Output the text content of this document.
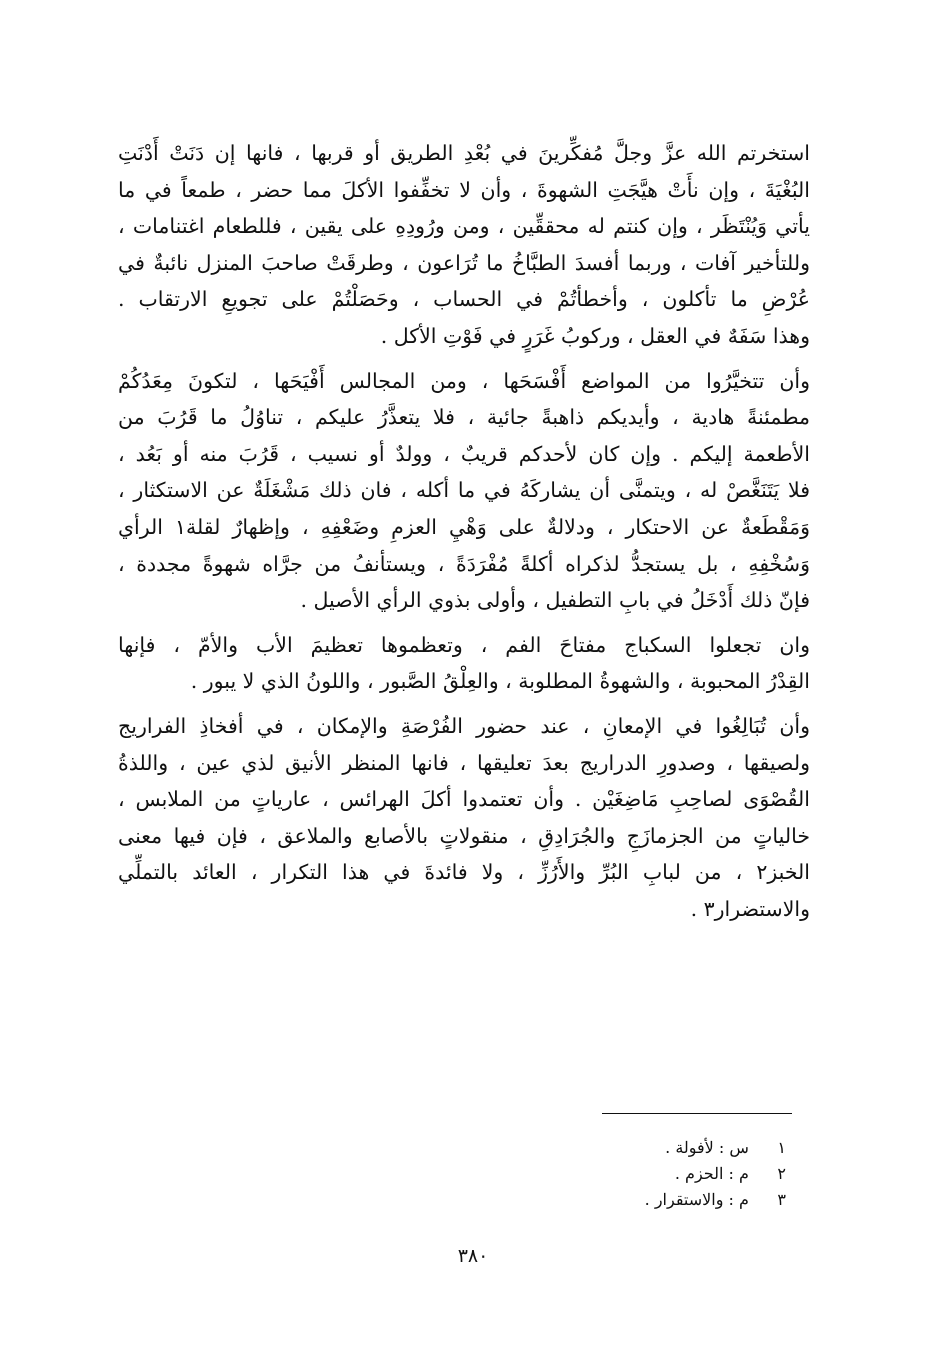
استخرتم الله عزَّ وجلَّ مُفكِّرينَ في بُعْدِ الطريق أو قربها ، فانها إن دَنَتْ أَدْنَتِ
البُغْيَةَ ، وإن نأَتْ هيَّجَتِ الشهوةَ ، وأن لا تخفِّفوا الأكلَ مما حضر ، طمعاً في ما
يأتي وَيُنْتَظَر ، وإن كنتم له محققِّين ، ومن ورُودِهِ على يقين ، فللطعام اغتنامات ،
وللتأخير آفات ، وربما أفسدَ الطبَّاخُ ما تُرَاعون ، وطرقَتْ صاحبَ المنزل نائبةٌ في
عُرْضِ ما تأكلون ، وأخطأتُمْ في الحساب ، وحَصَلْتُمْ على تجويعِ الارتقاب .
وهذا سَفَهٌ في العقل ، وركوبُ غَرَرٍ في فَوْتِ الأكل .
وأن تتخيَّرُوا من المواضع أَفْسَحَها ، ومن المجالس أَفْيَحَها ، لتكونَ مِعَدُكُمْ
مطمئنةً هادية ، وأيديكم ذاهبةً جائية ، فلا يتعذَّرُ عليكم ، تناوُلُ ما قَرُبَ من
الأطعمة إليكم . وإن كان لأحدكم قريبٌ ، وولدٌ أو نسيب ، قَرُبَ منه أو بَعُد ،
فلا يَتَنَغَّصْ له ، ويتمنَّى أن يشاركَهُ في ما أكله ، فان ذلك مَشْغَلَةٌ عن الاستكثار ،
وَمَقْطَعةٌ عن الاحتكار ، ودلالةٌ على وَهْيِ العزمِ وضَعْفِهِ ، وإظهارٌ لقلة١ الرأي
وَسُخْفِهِ ، بل يستجدُّ لذكراه أكلةً مُفْرَدَةً ، ويستأنفُ من جرَّاه شهوةً مجددة ،
فإنّ ذلك أَدْخَلُ في بابِ التطفيل ، وأولى بذوي الرأي الأصيل .
وان تجعلوا السكباج مفتاحَ الفم ، وتعظموها تعظيمَ الأب والأمّ ، فإنها
القِدْرُ المحبوبة ، والشهوةُ المطلوبة ، والعِلْقُ الصَّبور ، واللونُ الذي لا يبور .
وأن تُبَالِغُوا في الإمعانِ ، عند حضور الفُرْصَةِ والإمكان ، في أفخاذِ الفراريج
ولصيقها ، وصدورِ الدراريج بعدَ تعليقها ، فانها المنظر الأنيق لذي عين ، واللذةُ
القُصْوَى لصاحِبِ مَاضِغَيْن . وأن تعتمدوا أكلَ الهرائس ، عارياتٍ من الملابس ،
خالياتٍ من الجزمازَجِ والجُرَادِقِ ، منقولاتٍ بالأصابع والملاعق ، فإن فيها معنى
الخبز٢ ، من لبابِ البُرِّ والأَرُزِّ ، ولا فائدةَ في هذا التكرار ، العائد بالتملِّي
والاستضرار٣ .
١ س : لأفولة .
٢ م : الحزم .
٣ م : والاستقرار .
٣٨٠
